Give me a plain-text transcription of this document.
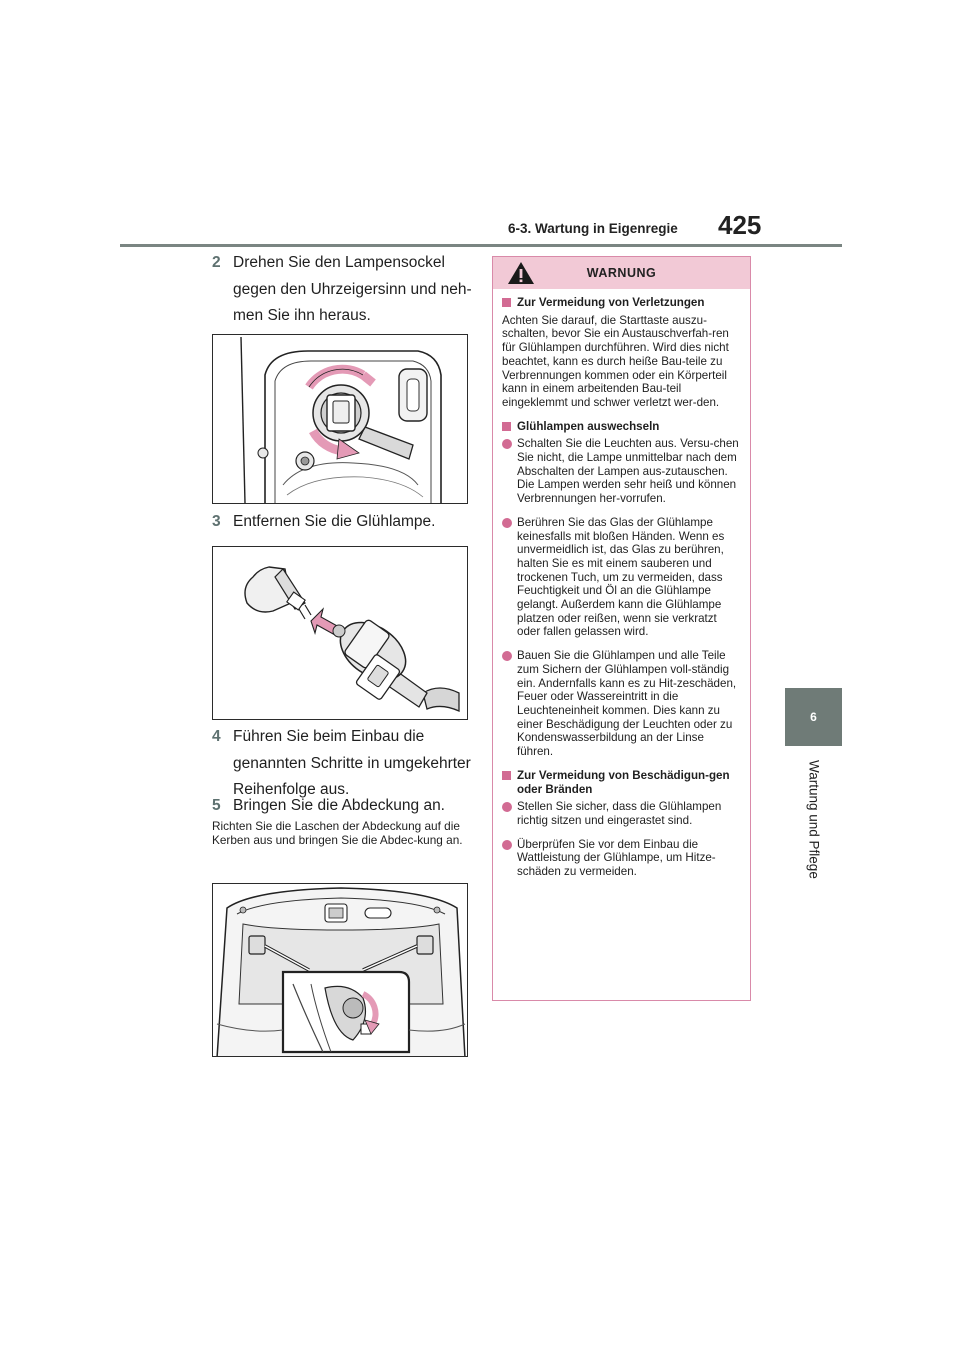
6-3. Wartung in Eigenregie 425
6
Wartung und Pflege
2 Drehen Sie den Lampensockel
gegen den Uhrzeigersinn und neh-
men Sie ihn heraus.
3 Entfernen Sie die Glühlampe.
4 Führen Sie beim Einbau die
genannten Schritte in umgekehrter
Reihenfolge aus.
5 Bringen Sie die Abdeckung an.
Richten Sie die Laschen der Abdeckung auf die Kerben aus und bringen Sie die Abdec-kung an.
WARNUNG
Zur Vermeidung von Verletzungen
Achten Sie darauf, die Starttaste auszu-schalten, bevor Sie ein Austauschverfah-ren für Glühlampen durchführen. Wird dies nicht beachtet, kann es durch heiße Bau-teile zu Verbrennungen kommen oder ein Körperteil kann in einem arbeitenden Bau-teil eingeklemmt und schwer verletzt wer-den.
Glühlampen auswechseln
Schalten Sie die Leuchten aus. Versu-chen Sie nicht, die Lampe unmittelbar nach dem Abschalten der Lampen aus-zutauschen. Die Lampen werden sehr heiß und können Verbrennungen her-vorrufen.
Berühren Sie das Glas der Glühlampe keinesfalls mit bloßen Händen. Wenn es unvermeidlich ist, das Glas zu berühren, halten Sie es mit einem sauberen und trockenen Tuch, um zu vermeiden, dass Feuchtigkeit und Öl an die Glühlampe gelangt. Außerdem kann die Glühlampe platzen oder reißen, wenn sie verkratzt oder fallen gelassen wird.
Bauen Sie die Glühlampen und alle Teile zum Sichern der Glühlampen voll-ständig ein. Andernfalls kann es zu Hit-zeschäden, Feuer oder Wassereintritt in die Leuchteneinheit kommen. Dies kann zu einer Beschädigung der Leuchten oder zu Kondenswasserbildung an der Linse führen.
Zur Vermeidung von Beschädigun-gen oder Bränden
Stellen Sie sicher, dass die Glühlampen richtig sitzen und eingerastet sind.
Überprüfen Sie vor dem Einbau die Wattleistung der Glühlampe, um Hitze-schäden zu vermeiden.
